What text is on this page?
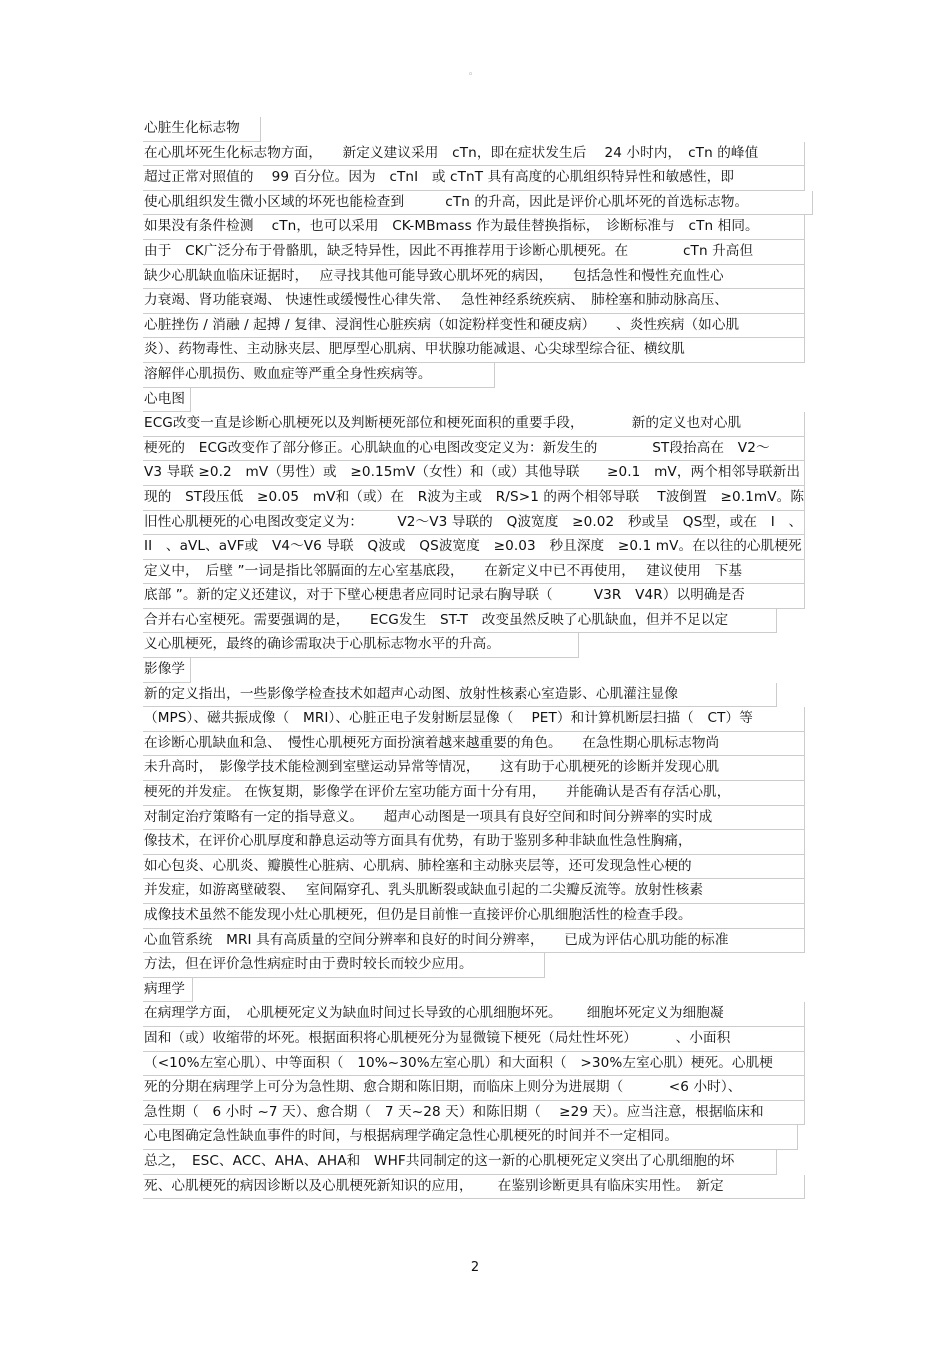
◦
心脏生化标志物
在心肌坏死生化标志物方面，　　新定义建议采用　cTn，即在症状发生后　 24 小时内，　cTn 的峰值
超过正常对照值的　 99 百分位。因为　cTnI　或 cTnT 具有高度的心肌组织特异性和敏感性，即
使心肌组织发生微小区域的坏死也能检查到　　　cTn 的升高，因此是评价心肌坏死的首选标志物。
如果没有条件检测　 cTn，也可以采用　CK-MBmass 作为最佳替换指标，　诊断标准与　cTn 相同。
由于　CK广泛分布于骨骼肌，缺乏特异性，因此不再推荐用于诊断心肌梗死。在　　　　cTn 升高但
缺少心肌缺血临床证据时，　 应寻找其他可能导致心肌坏死的病因，　　包括急性和慢性充血性心
力衰竭、肾功能衰竭、 快速性或缓慢性心律失常、　 急性神经系统疾病、　肺栓塞和肺动脉高压、
心脏挫伤 / 消融 / 起搏 / 复律、浸润性心脏疾病（如淀粉样变性和硬皮病）　　、炎性疾病（如心肌
炎）、药物毒性、主动脉夹层、肥厚型心肌病、甲状腺功能减退、心尖球型综合征、横纹肌
溶解伴心肌损伤、败血症等严重全身性疾病等。
心电图
ECG改变一直是诊断心肌梗死以及判断梗死部位和梗死面积的重要手段，　　　　新的定义也对心肌
梗死的　ECG改变作了部分修正。心肌缺血的心电图改变定义为：新发生的　　　　ST段抬高在　V2～
V3 导联 ≥0.2　mV（男性）或　≥0.15mV（女性）和（或）其他导联　　≥0.1　mV，两个相邻导联新出
现的　ST段压低　≥0.05　mV和（或）在　R波为主或　R/S>1 的两个相邻导联　 T波倒置　≥0.1mV。陈
旧性心肌梗死的心电图改变定义为：　　　V2～V3 导联的　Q波宽度　≥0.02　秒或呈　QS型，或在　I　、
II　、aVL、aVF或　V4～V6 导联　Q波或　QS波宽度　≥0.03　秒且深度　≥0.1 mV。在以往的心肌梗死
定义中，　后壁 ”一词是指比邻膈面的左心室基底段，　　在新定义中已不再使用，　 建议使用　下基
底部 ”。新的定义还建议，对于下壁心梗患者应同时记录右胸导联（　　　V3R　V4R）以明确是否
合并右心室梗死。需要强调的是，　　ECG发生　ST-T　改变虽然反映了心肌缺血，但并不足以定
义心肌梗死，最终的确诊需取决于心肌标志物水平的升高。
影像学
新的定义指出，一些影像学检查技术如超声心动图、放射性核素心室造影、心肌灌注显像
（MPS）、磁共振成像（　MRI）、心脏正电子发射断层显像（　 PET）和计算机断层扫描（　CT）等
在诊断心肌缺血和急、　慢性心肌梗死方面扮演着越来越重要的角色。　　在急性期心肌标志物尚
未升高时，　影像学技术能检测到室壁运动异常等情况，　　这有助于心肌梗死的诊断并发现心肌
梗死的并发症。 在恢复期，影像学在评价左室功能方面十分有用，　　并能确认是否有存活心肌，
对制定治疗策略有一定的指导意义。　　超声心动图是一项具有良好空间和时间分辨率的实时成
像技术，在评价心肌厚度和静息运动等方面具有优势，有助于鉴别多种非缺血性急性胸痛，
如心包炎、心肌炎、瓣膜性心脏病、心肌病、肺栓塞和主动脉夹层等，还可发现急性心梗的
并发症，如游离壁破裂、　 室间隔穿孔、乳头肌断裂或缺血引起的二尖瓣反流等。放射性核素
成像技术虽然不能发现小灶心肌梗死，但仍是目前惟一直接评价心肌细胞活性的检查手段。
心血管系统　MRI 具有高质量的空间分辨率和良好的时间分辨率，　　已成为评估心肌功能的标准
方法，但在评价急性病症时由于费时较长而较少应用。
病理学
在病理学方面，　心肌梗死定义为缺血时间过长导致的心肌细胞坏死。　　 细胞坏死定义为细胞凝
固和（或）收缩带的坏死。根据面积将心肌梗死分为显微镜下梗死（局灶性坏死）　　　 、小面积
（<10%左室心肌）、中等面积（　10%~30%左室心肌）和大面积（　>30%左室心肌）梗死。心肌梗
死的分期在病理学上可分为急性期、愈合期和陈旧期，而临床上则分为进展期（　　　 <6 小时）、
急性期（　6 小时 ~7 天）、愈合期（　7 天~28 天）和陈旧期（　 ≥29 天）。应当注意，根据临床和
心电图确定急性缺血事件的时间，与根据病理学确定急性心肌梗死的时间并不一定相同。
总之，　ESC、ACC、AHA、AHA和　WHF共同制定的这一新的心肌梗死定义突出了心肌细胞的坏
死、心肌梗死的病因诊断以及心肌梗死新知识的应用，　　 在鉴别诊断更具有临床实用性。　新定
2
